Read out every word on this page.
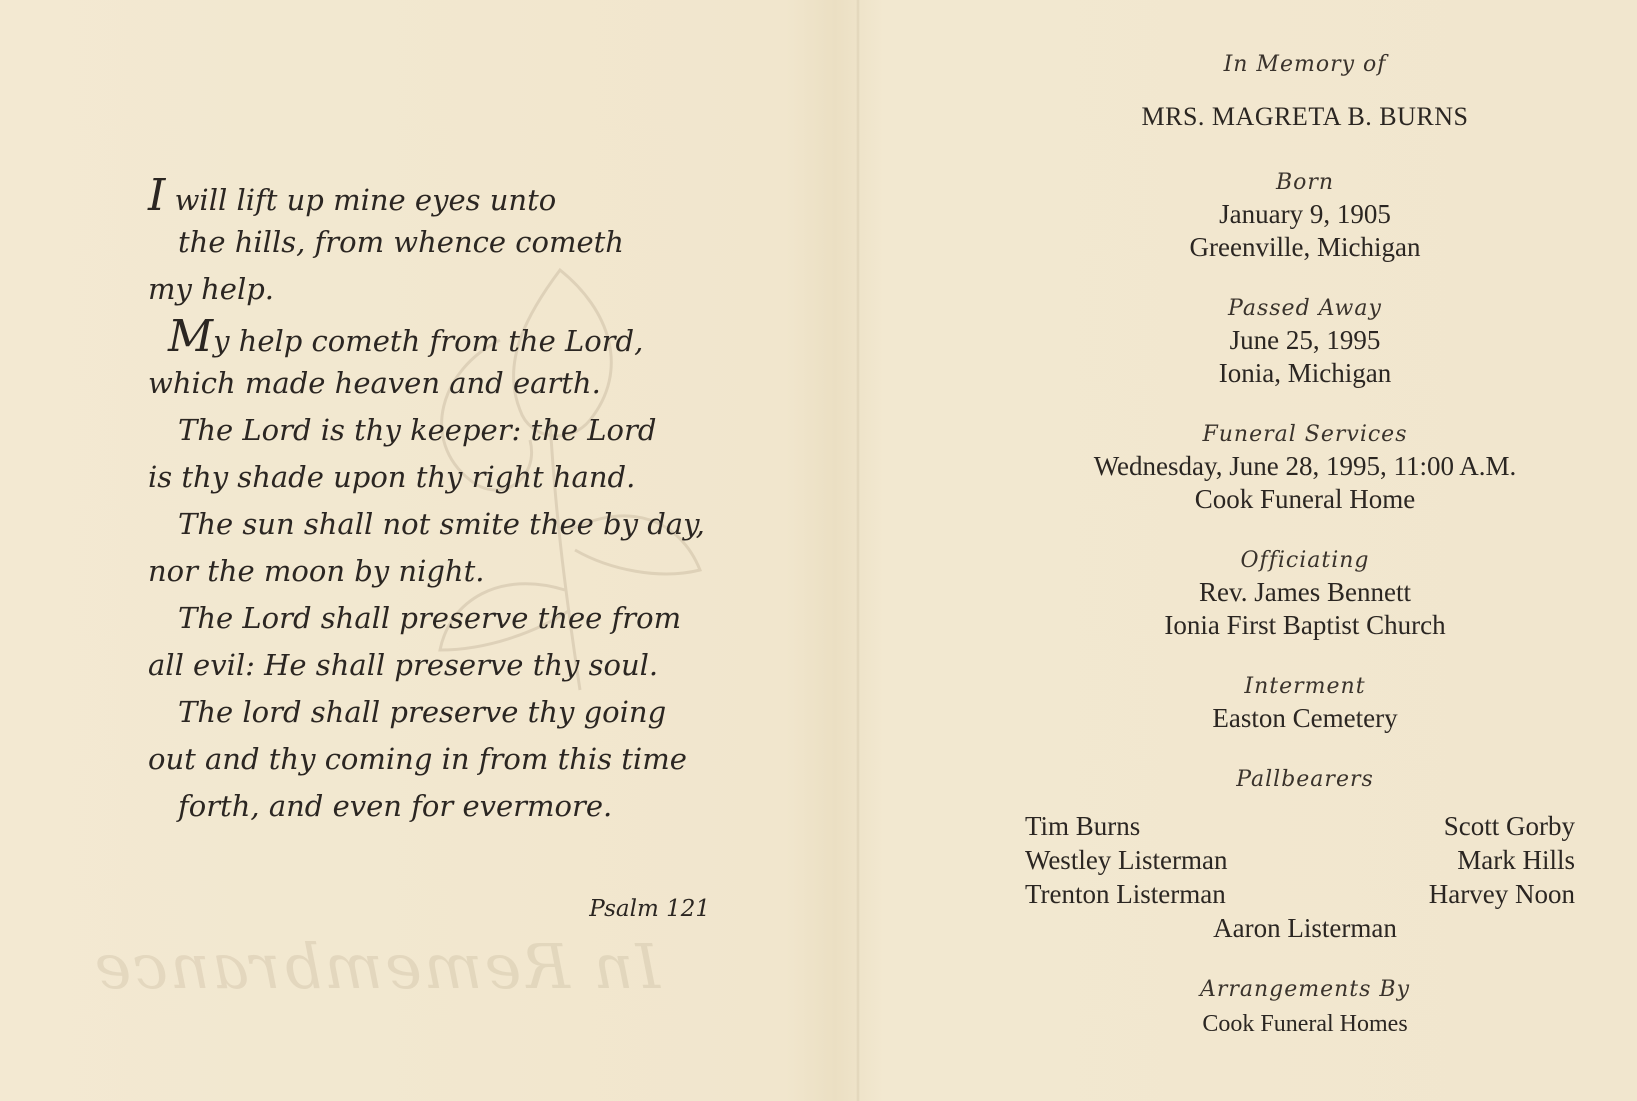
In Remembrance
I will lift up mine eyes unto
the hills, from whence cometh
my help.
My help cometh from the Lord,
which made heaven and earth.
The Lord is thy keeper: the Lord
is thy shade upon thy right hand.
The sun shall not smite thee by day,
nor the moon by night.
The Lord shall preserve thee from
all evil: He shall preserve thy soul.
The lord shall preserve thy going
out and thy coming in from this time
forth, and even for evermore.
Psalm 121
In Memory of
MRS. MAGRETA B. BURNS
Born
January 9, 1905
Greenville, Michigan
Passed Away
June 25, 1995
Ionia, Michigan
Funeral Services
Wednesday, June 28, 1995, 11:00 A.M.
Cook Funeral Home
Officiating
Rev. James Bennett
Ionia First Baptist Church
Interment
Easton Cemetery
Pallbearers
Tim Burns	Scott Gorby
Westley Listerman	Mark Hills
Trenton Listerman	Harvey Noon
Aaron Listerman
Arrangements By
Cook Funeral Homes
